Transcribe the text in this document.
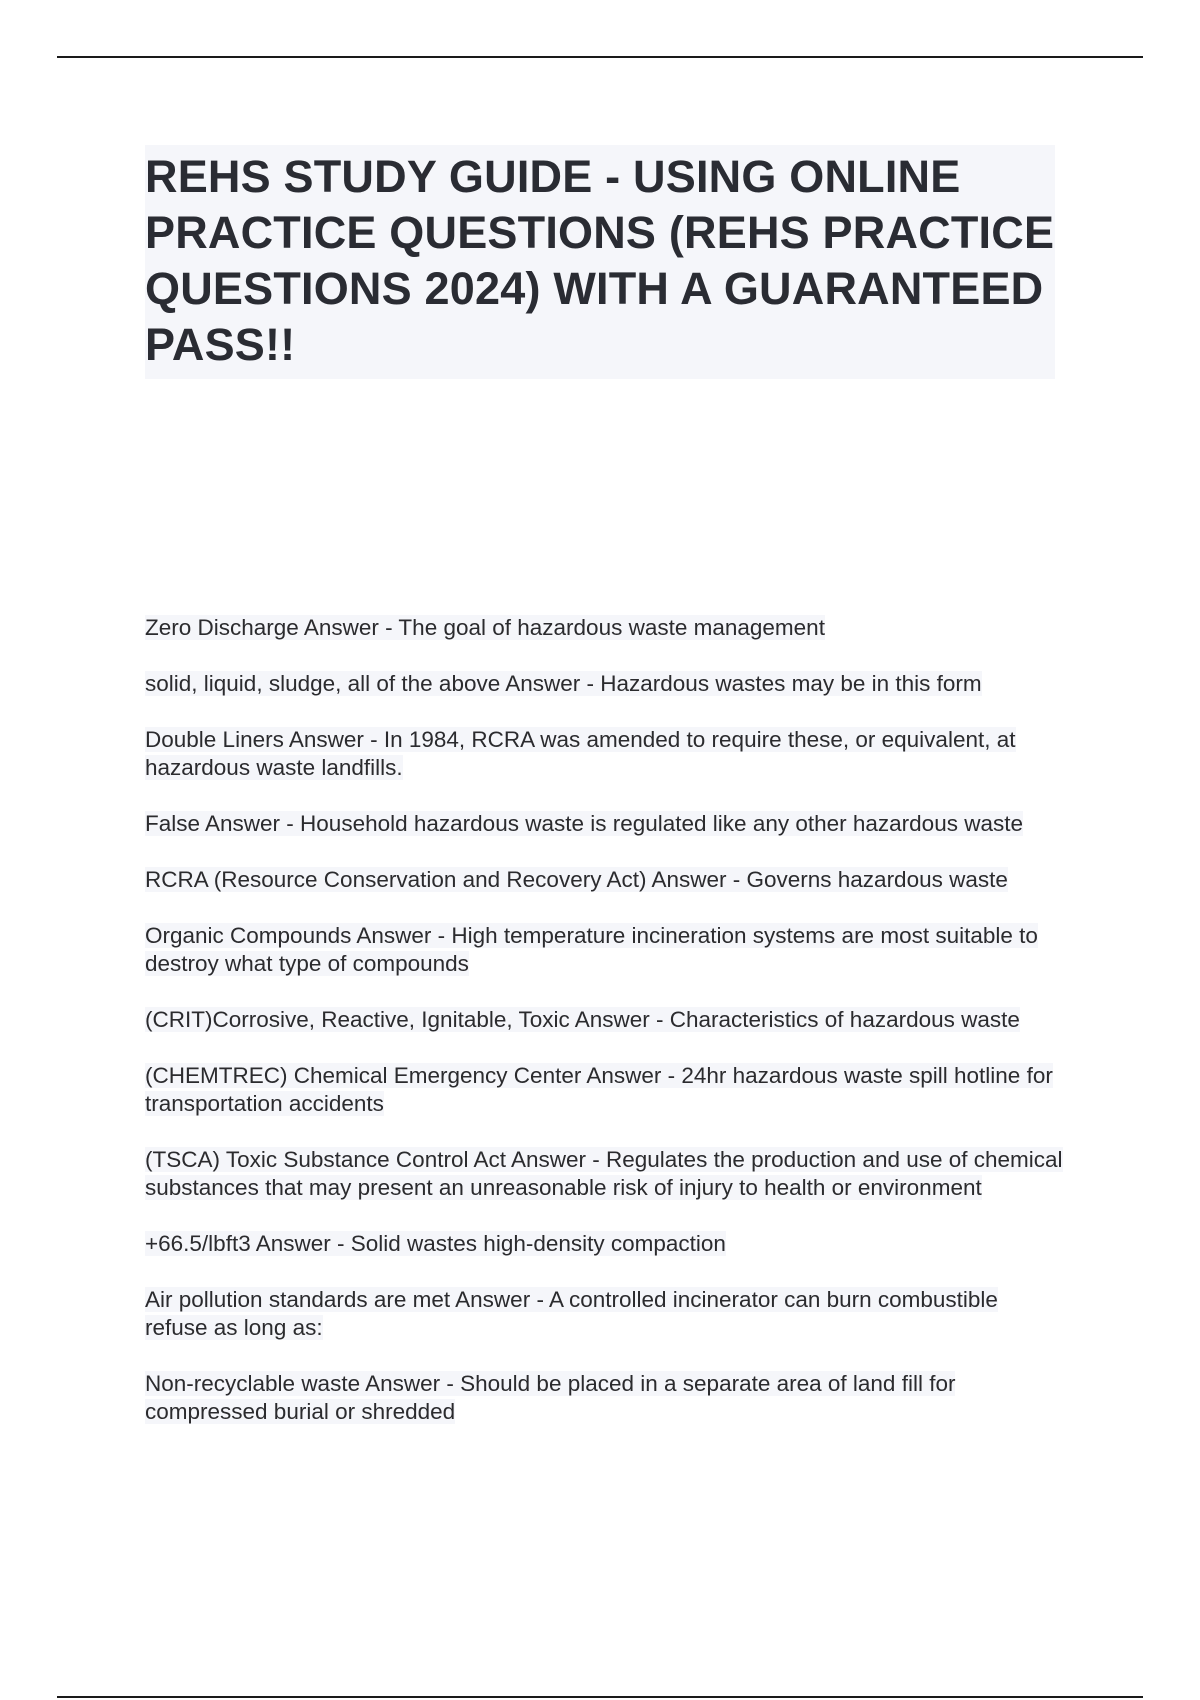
REHS STUDY GUIDE - USING ONLINE PRACTICE QUESTIONS (REHS PRACTICE QUESTIONS 2024) WITH A GUARANTEED PASS!!
Zero Discharge Answer - The goal of hazardous waste management
solid, liquid, sludge, all of the above Answer - Hazardous wastes may be in this form
Double Liners Answer - In 1984, RCRA was amended to require these, or equivalent, at hazardous waste landfills.
False Answer - Household hazardous waste is regulated like any other hazardous waste
RCRA (Resource Conservation and Recovery Act) Answer - Governs hazardous waste
Organic Compounds Answer - High temperature incineration systems are most suitable to destroy what type of compounds
(CRIT)Corrosive, Reactive, Ignitable, Toxic Answer - Characteristics of hazardous waste
(CHEMTREC) Chemical Emergency Center Answer - 24hr hazardous waste spill hotline for transportation accidents
(TSCA) Toxic Substance Control Act Answer - Regulates the production and use of chemical substances that may present an unreasonable risk of injury to health or environment
+66.5/lbft3 Answer - Solid wastes high-density compaction
Air pollution standards are met Answer - A controlled incinerator can burn combustible refuse as long as:
Non-recyclable waste Answer - Should be placed in a separate area of land fill for compressed burial or shredded
